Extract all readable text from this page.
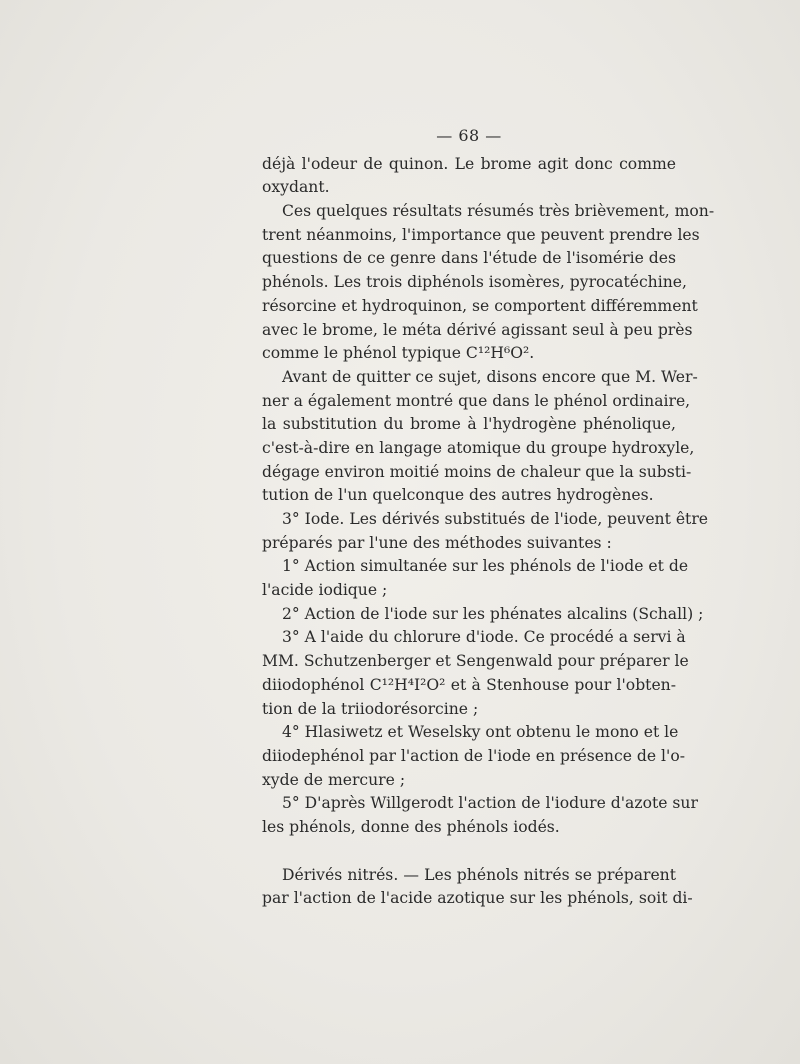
— 68 —
déjà l'odeur de quinon. Le brome agit donc comme
oxydant.
Ces quelques résultats résumés très brièvement, mon-
trent néanmoins, l'importance que peuvent prendre les
questions de ce genre dans l'étude de l'isomérie des
phénols. Les trois diphénols isomères, pyrocatéchine,
résorcine et hydroquinon, se comportent différemment
avec le brome, le méta dérivé agissant seul à peu près
comme le phénol typique C¹²H⁶O².
Avant de quitter ce sujet, disons encore que M. Wer-
ner a également montré que dans le phénol ordinaire,
la substitution du brome à l'hydrogène phénolique,
c'est-à-dire en langage atomique du groupe hydroxyle,
dégage environ moitié moins de chaleur que la substi-
tution de l'un quelconque des autres hydrogènes.
3° Iode. Les dérivés substitués de l'iode, peuvent être
préparés par l'une des méthodes suivantes :
1° Action simultanée sur les phénols de l'iode et de
l'acide iodique ;
2° Action de l'iode sur les phénates alcalins (Schall) ;
3° A l'aide du chlorure d'iode. Ce procédé a servi à
MM. Schutzenberger et Sengenwald pour préparer le
diiodophénol C¹²H⁴I²O² et à Stenhouse pour l'obten-
tion de la triiodorésorcine ;
4° Hlasiwetz et Weselsky ont obtenu le mono et le
diiodephénol par l'action de l'iode en présence de l'o-
xyde de mercure ;
5° D'après Willgerodt l'action de l'iodure d'azote sur
les phénols, donne des phénols iodés.
Dérivés nitrés. — Les phénols nitrés se préparent
par l'action de l'acide azotique sur les phénols, soit di-
